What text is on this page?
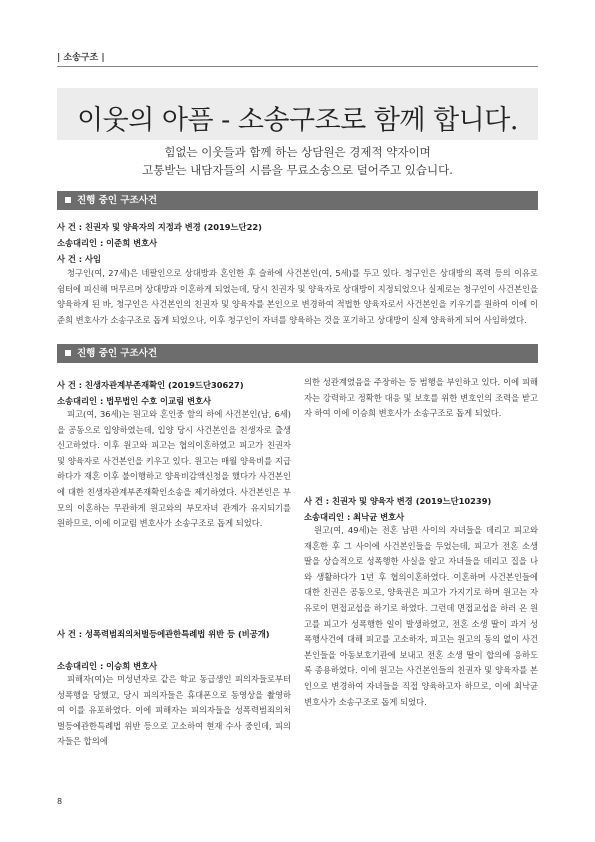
| 소송구조 |
이웃의 아픔 - 소송구조로 함께 합니다.
힘없는 이웃들과 함께 하는 상담원은 경제적 약자이며
고통받는 내담자들의 시름을 무료소송으로 덜어주고 있습니다.
진행 중인 구조사건
사 건 : 친권자 및 양육자의 지정과 변경 (2019느단22)
소송대리인 : 이준희 변호사
사 건 : 사임

청구인(여, 27세)은 네팔인으로 상대방과 혼인한 후 슬하에 사건본인(여, 5세)를 두고 있다. 청구인은 상대방의 폭력 등의 이유로 쉼터에 피신해 머무르며 상대방과 이혼하게 되었는데, 당시 친권자 및 양육자로 상대방이 지정되었으나 실제로는 청구인이 사건본인을 양육하게 된 바, 청구인은 사건본인의 친권자 및 양육자를 본인으로 변경하여 적법한 양육자로서 사건본인을 키우기를 원하여 이에 이준희 변호사가 소송구조로 돕게 되었으나, 이후 청구인이 자녀를 양육하는 것을 포기하고 상대방이 실제 양육하게 되어 사임하였다.

진행 중인 구조사건
사 건 : 친생자관계부존재확인 (2019드단30627)
소송대리인 : 법무법인 수호 이교림 변호사

피고(여, 36세)는 원고와 혼인중 함의 하에 사건본인(남, 6세)을 공동으로 입양하였는데, 입양 당시 사건본인을 친생자로 출생신고하였다. 이후 원고와 피고는 협의이혼하였고 피고가 친권자 및 양육자로 사건본인을 키우고 있다. 원고는 매월 양육비를 지급하다가 재혼 이후 불이행하고 양육비감액신청을 했다가 사건본인에 대한 친생자관계부존재확인소송을 제기하였다. 사건본인은 부모의 이혼하는 무관하게 원고와의 부모자녀 관계가 유지되기를 원하므로, 이에 이교림 변호사가 소송구조로 돕게 되었다.

사 건 : 성폭력범죄의처벌등에관한특례법 위반 등 (비공개)
소송대리인 : 이승희 변호사

피해자(여)는 미성년자로 같은 학교 동급생인 피의자들로부터 성폭행을 당했고, 당시 피의자들은 휴대폰으로 동영상을 촬영하여 이를 유포하였다. 이에 피해자는 피의자들을 성폭력범죄의처벌등에관한특례법 위반 등으로 고소하여 현재 수사 중인데, 피의자들은 합의에

의한 성관계였음을 주장하는 등 범행을 부인하고 있다. 이에 피해자는 강력하고 정확한 대응 및 보호를 위한 변호인의 조력을 받고자 하여 이에 이승희 변호사가 소송구조로 돕게 되었다.

사 건 : 친권자 및 양육자 변경 (2019느단10239)
소송대리인 : 최낙균 변호사

원고(여, 49세)는 전혼 남편 사이의 자녀들을 데리고 피고와 재혼한 후 그 사이에 사건본인들을 두었는데, 피고가 전혼 소생 딸을 상습적으로 성폭행한 사실을 알고 자녀들을 데리고 집을 나와 생활하다가 1년 후 협의이혼하였다. 이혼하며 사건본인들에 대한 친권은 공동으로, 양육권은 피고가 가지기로 하며 원고는 자유로이 면접교섭을 하기로 하였다. 그런데 면접교섭을 하러 온 원고를 피고가 성폭행한 일이 발생하였고, 전혼 소생 딸이 과거 성폭행사건에 대해 피고를 고소하자, 피고는 원고의 동의 없이 사건본인들을 아동보호기관에 보내고 전혼 소생 딸이 합의에 응하도록 종용하였다. 이에 원고는 사건본인들의 친권자 및 양육자를 본인으로 변경하여 자녀들을 직접 양육하고자 하므로, 이에 최낙균 변호사가 소송구조로 돕게 되었다.

8
